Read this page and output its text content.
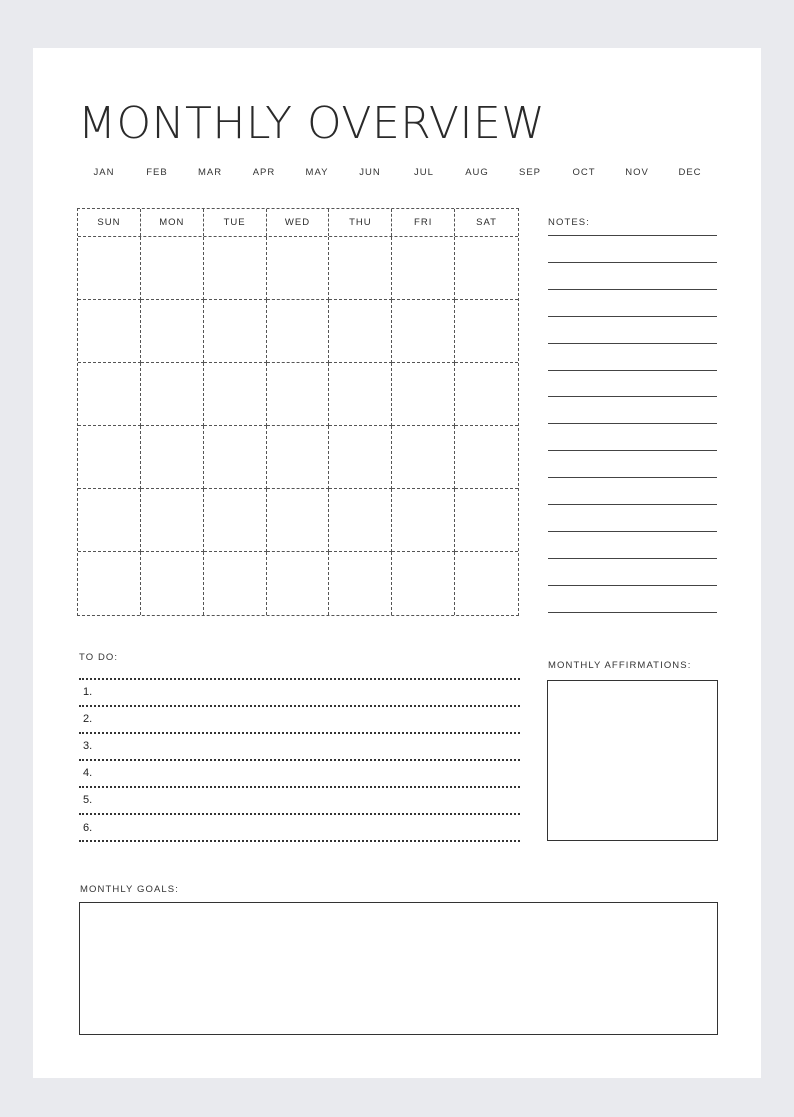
MONTHLY OVERVIEW
JAN	FEB	MAR	APR	MAY	JUN	JUL	AUG	SEP	OCT	NOV	DEC
SUN	MON	TUE	WED	THU	FRI	SAT	NOTES:
TO DO:
1.
2.
3.
4.
5.
6.
MONTHLY AFFIRMATIONS:
MONTHLY GOALS:
